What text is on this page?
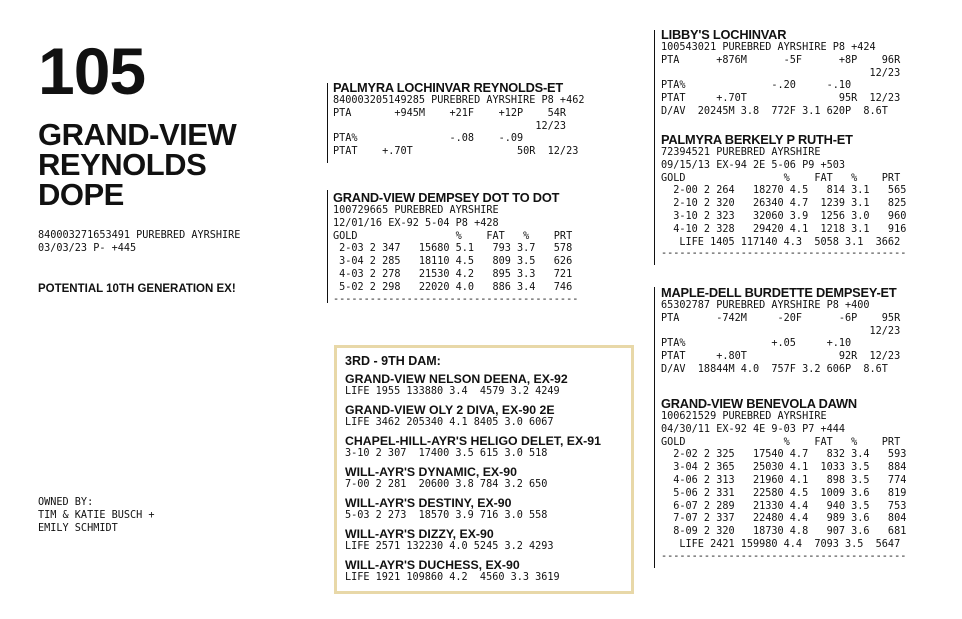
105
GRAND-VIEW
REYNOLDS
DOPE
840003271653491 PUREBRED AYRSHIRE
03/03/23 P- +445
POTENTIAL 10TH GENERATION EX!
OWNED BY:
TIM & KATIE BUSCH +
EMILY SCHMIDT
PALMYRA LOCHINVAR REYNOLDS-ET
840003205149285 PUREBRED AYRSHIRE P8 +462
PTA       +945M    +21F    +12P    54R
12/23
PTA%               -.08    -.09
PTAT    +.70T                 50R  12/23
GRAND-VIEW DEMPSEY DOT TO DOT
100729665 PUREBRED AYRSHIRE
12/01/16 EX-92 5-04 P8 +428
GOLD                %    FAT   %    PRT
2-03 2 347   15680 5.1   793 3.7   578
3-04 2 285   18110 4.5   809 3.5   626
4-03 2 278   21530 4.2   895 3.3   721
5-02 2 298   22020 4.0   886 3.4   746
----------------------------------------
3RD - 9TH DAM:
GRAND-VIEW NELSON DEENA, EX-92
LIFE 1955 133880 3.4  4579 3.2 4249
GRAND-VIEW OLY 2 DIVA, EX-90 2E
LIFE 3462 205340 4.1 8405 3.0 6067
CHAPEL-HILL-AYR'S HELIGO DELET, EX-91
3-10 2 307  17400 3.5 615 3.0 518
WILL-AYR'S DYNAMIC, EX-90
7-00 2 281  20600 3.8 784 3.2 650
WILL-AYR'S DESTINY, EX-90
5-03 2 273  18570 3.9 716 3.0 558
WILL-AYR'S DIZZY, EX-90
LIFE 2571 132230 4.0 5245 3.2 4293
WILL-AYR'S DUCHESS, EX-90
LIFE 1921 109860 4.2  4560 3.3 3619
LIBBY'S LOCHINVAR
100543021 PUREBRED AYRSHIRE P8 +424
PTA      +876M      -5F      +8P    96R
12/23
PTA%              -.20     -.10
PTAT     +.70T               95R  12/23
D/AV  20245M 3.8  772F 3.1 620P  8.6T
PALMYRA BERKELY P RUTH-ET
72394521 PUREBRED AYRSHIRE
09/15/13 EX-94 2E 5-06 P9 +503
GOLD                %    FAT   %    PRT
2-00 2 264   18270 4.5   814 3.1   565
2-10 2 320   26340 4.7  1239 3.1   825
3-10 2 323   32060 3.9  1256 3.0   960
4-10 2 328   29420 4.1  1218 3.1   916
LIFE 1405 117140 4.3  5058 3.1  3662
----------------------------------------
MAPLE-DELL BURDETTE DEMPSEY-ET
65302787 PUREBRED AYRSHIRE P8 +400
PTA      -742M     -20F      -6P    95R
12/23
PTA%              +.05     +.10
PTAT     +.80T               92R  12/23
D/AV  18844M 4.0  757F 3.2 606P  8.6T
GRAND-VIEW BENEVOLA DAWN
100621529 PUREBRED AYRSHIRE
04/30/11 EX-92 4E 9-03 P7 +444
GOLD                %    FAT   %    PRT
2-02 2 325   17540 4.7   832 3.4   593
3-04 2 365   25030 4.1  1033 3.5   884
4-06 2 313   21960 4.1   898 3.5   774
5-06 2 331   22580 4.5  1009 3.6   819
6-07 2 289   21330 4.4   940 3.5   753
7-07 2 337   22480 4.4   989 3.6   804
8-09 2 320   18730 4.8   907 3.6   681
LIFE 2421 159980 4.4  7093 3.5  5647
----------------------------------------
